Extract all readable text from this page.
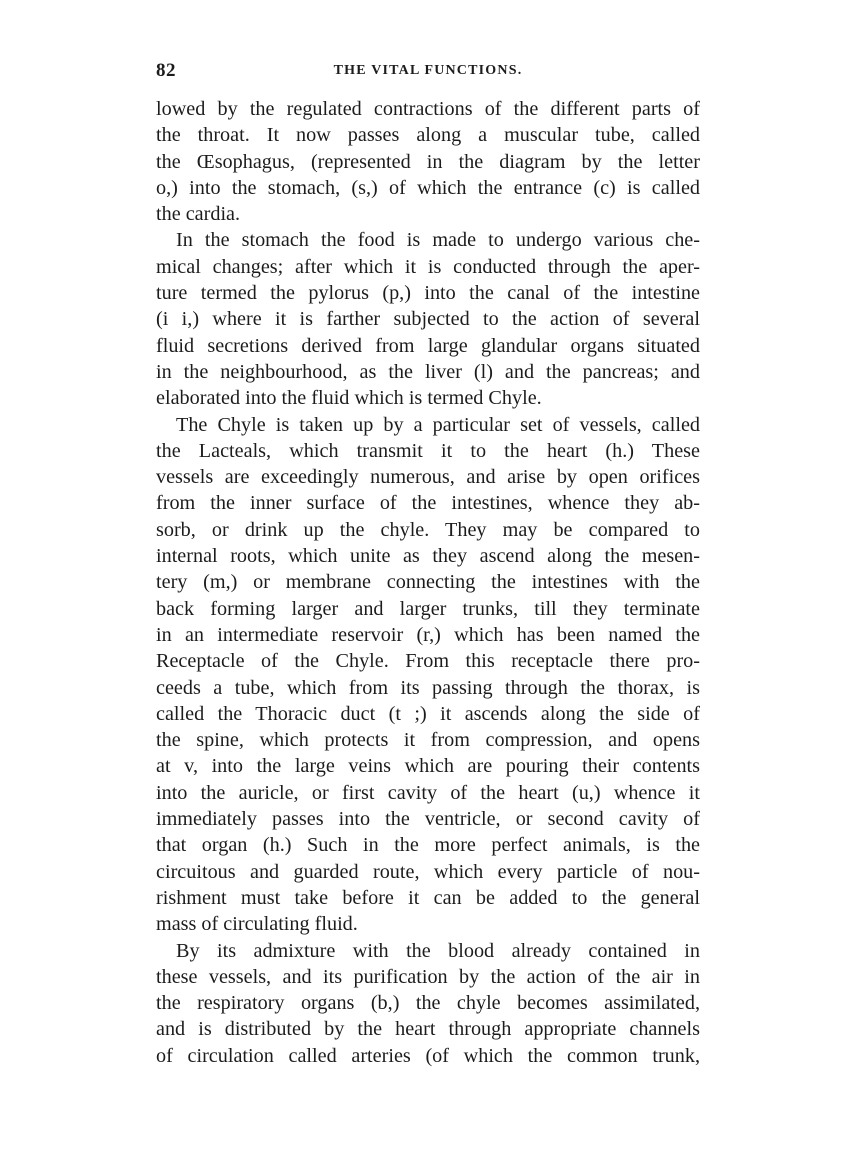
82	THE VITAL FUNCTIONS.
lowed by the regulated contractions of the different parts of
the throat. It now passes along a muscular tube, called
the Œsophagus, (represented in the diagram by the letter
o,) into the stomach, (s,) of which the entrance (c) is called
the cardia.
In the stomach the food is made to undergo various che-
mical changes; after which it is conducted through the aper-
ture termed the pylorus (p,) into the canal of the intestine
(i i,) where it is farther subjected to the action of several
fluid secretions derived from large glandular organs situated
in the neighbourhood, as the liver (l) and the pancreas; and
elaborated into the fluid which is termed Chyle.
The Chyle is taken up by a particular set of vessels, called
the Lacteals, which transmit it to the heart (h.) These
vessels are exceedingly numerous, and arise by open orifices
from the inner surface of the intestines, whence they ab-
sorb, or drink up the chyle. They may be compared to
internal roots, which unite as they ascend along the mesen-
tery (m,) or membrane connecting the intestines with the
back forming larger and larger trunks, till they terminate
in an intermediate reservoir (r,) which has been named the
Receptacle of the Chyle. From this receptacle there pro-
ceeds a tube, which from its passing through the thorax, is
called the Thoracic duct (t ;) it ascends along the side of
the spine, which protects it from compression, and opens
at v, into the large veins which are pouring their contents
into the auricle, or first cavity of the heart (u,) whence it
immediately passes into the ventricle, or second cavity of
that organ (h.) Such in the more perfect animals, is the
circuitous and guarded route, which every particle of nou-
rishment must take before it can be added to the general
mass of circulating fluid.
By its admixture with the blood already contained in
these vessels, and its purification by the action of the air in
the respiratory organs (b,) the chyle becomes assimilated,
and is distributed by the heart through appropriate channels
of circulation called arteries (of which the common trunk,
